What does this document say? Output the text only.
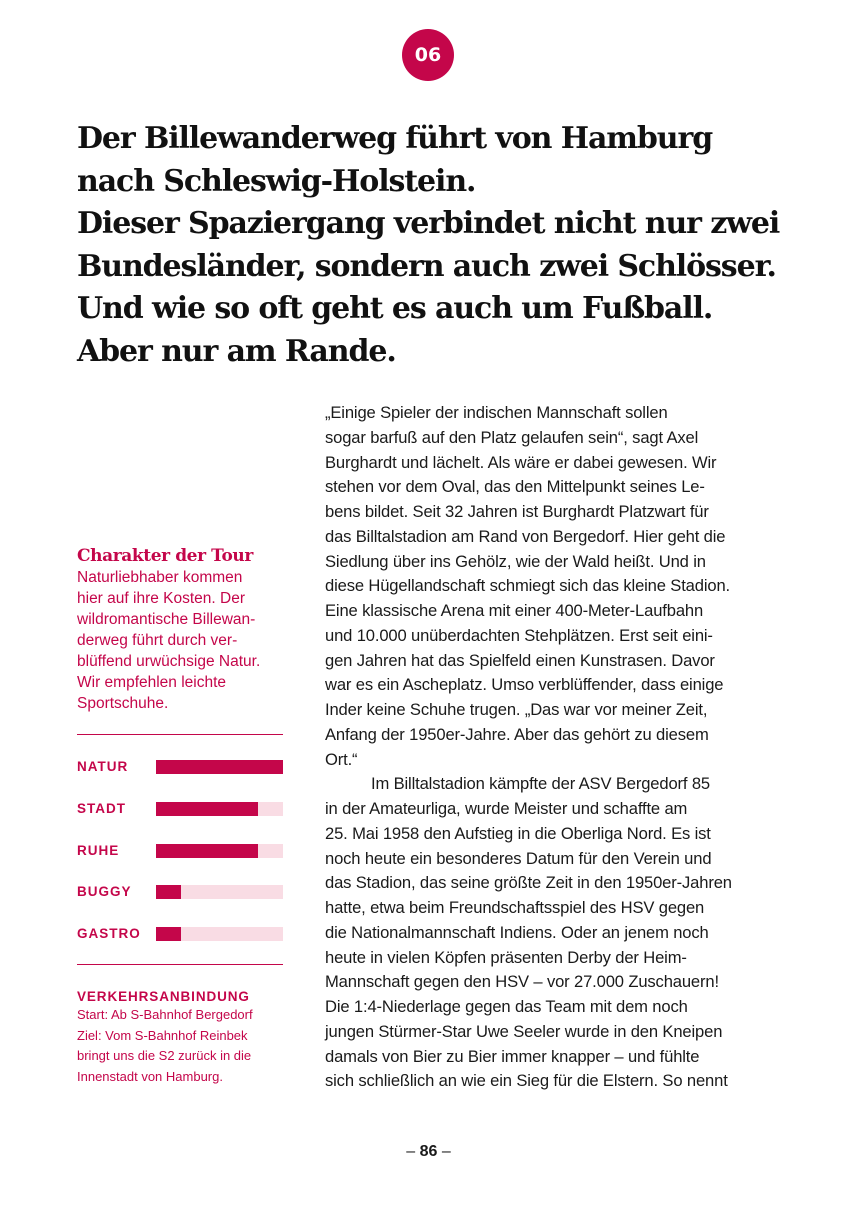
06
Der Billewanderweg führt von Hamburg
nach Schleswig-Holstein.
Dieser Spaziergang verbindet nicht nur zwei
Bundesländer, sondern auch zwei Schlösser.
Und wie so oft geht es auch um Fußball.
Aber nur am Rande.
Charakter der Tour
Naturliebhaber kommen
hier auf ihre Kosten. Der
wildromantische Billewan-
derweg führt durch ver-
blüffend urwüchsige Natur.
Wir empfehlen leichte
Sportschuhe.
NATUR
STADT
RUHE
BUGGY
GASTRO
VERKEHRSANBINDUNG
Start: Ab S-Bahnhof Bergedorf
Ziel: Vom S-Bahnhof Reinbek
bringt uns die S2 zurück in die
Innenstadt von Hamburg.
„Einige Spieler der indischen Mannschaft sollen
sogar barfuß auf den Platz gelaufen sein“, sagt Axel
Burghardt und lächelt. Als wäre er dabei gewesen. Wir
stehen vor dem Oval, das den Mittelpunkt seines Le-
bens bildet. Seit 32 Jahren ist Burghardt Platzwart für
das Billtalstadion am Rand von Bergedorf. Hier geht die
Siedlung über ins Gehölz, wie der Wald heißt. Und in
diese Hügellandschaft schmiegt sich das kleine Stadion.
Eine klassische Arena mit einer 400-Meter-Laufbahn
und 10.000 unüberdachten Stehplätzen. Erst seit eini-
gen Jahren hat das Spielfeld einen Kunstrasen. Davor
war es ein Ascheplatz. Umso verblüffender, dass einige
Inder keine Schuhe trugen. „Das war vor meiner Zeit,
Anfang der 1950er-Jahre. Aber das gehört zu diesem
Ort.“
Im Billtalstadion kämpfte der ASV Bergedorf 85
in der Amateurliga, wurde Meister und schaffte am
25. Mai 1958 den Aufstieg in die Oberliga Nord. Es ist
noch heute ein besonderes Datum für den Verein und
das Stadion, das seine größte Zeit in den 1950er-Jahren
hatte, etwa beim Freundschaftsspiel des HSV gegen
die Nationalmannschaft Indiens. Oder an jenem noch
heute in vielen Köpfen präsenten Derby der Heim-
Mannschaft gegen den HSV – vor 27.000 Zuschauern!
Die 1:4-Niederlage gegen das Team mit dem noch
jungen Stürmer-Star Uwe Seeler wurde in den Kneipen
damals von Bier zu Bier immer knapper – und fühlte
sich schließlich an wie ein Sieg für die Elstern. So nennt
– 86 –
